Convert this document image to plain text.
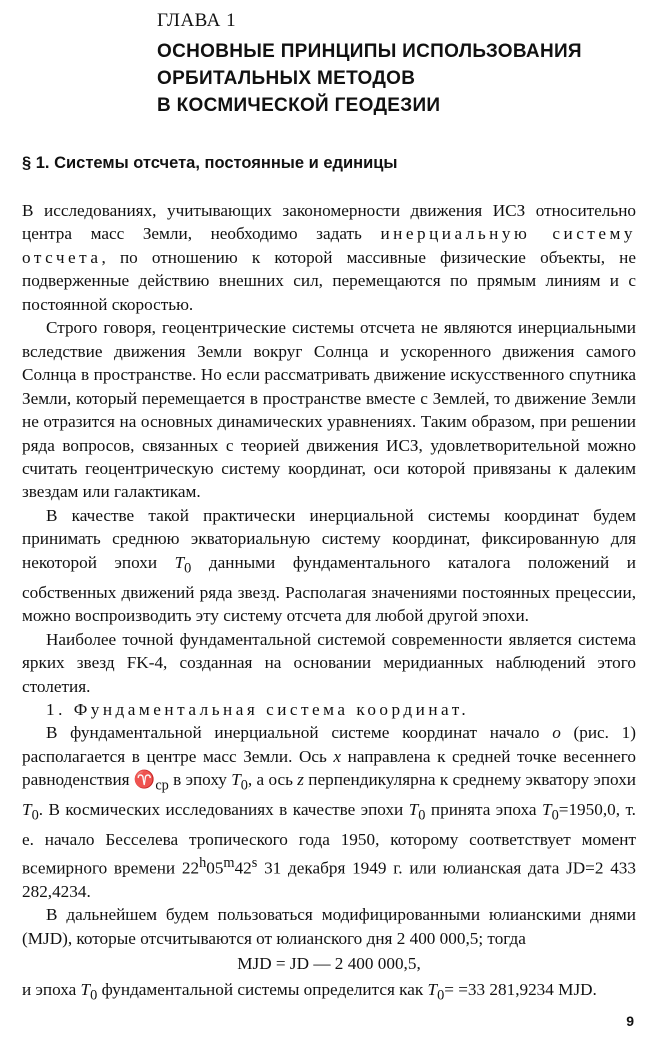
ГЛАВА 1
ОСНОВНЫЕ ПРИНЦИПЫ ИСПОЛЬЗОВАНИЯ
ОРБИТАЛЬНЫХ МЕТОДОВ
В КОСМИЧЕСКОЙ ГЕОДЕЗИИ
§ 1. Системы отсчета, постоянные и единицы

В исследованиях, учитывающих закономерности движения ИСЗ относительно центра масс Земли, необходимо задать инерциальную систему отсчета, по отношению к которой массивные физические объекты, не подверженные действию внешних сил, перемещаются по прямым линиям и с постоянной скоростью.

Строго говоря, геоцентрические системы отсчета не являются инерциальными вследствие движения Земли вокруг Солнца и ускоренного движения самого Солнца в пространстве. Но если рассматривать движение искусственного спутника Земли, который перемещается в пространстве вместе с Землей, то движение Земли не отразится на основных динамических уравнениях. Таким образом, при решении ряда вопросов, связанных с теорией движения ИСЗ, удовлетворительной можно считать геоцентрическую систему координат, оси которой привязаны к далеким звездам или галактикам.

В качестве такой практически инерциальной системы координат будем принимать среднюю экваториальную систему координат, фиксированную для некоторой эпохи $T_0$ данными фундаментального каталога положений и собственных движений ряда звезд. Располагая значениями постоянных прецессии, можно воспроизводить эту систему отсчета для любой другой эпохи.

Наиболее точной фундаментальной системой современности является система ярких звезд FK-4, созданная на основании меридианных наблюдений этого столетия.

1. Фундаментальная система координат.

В фундаментальной инерциальной системе координат начало o (рис. 1) располагается в центре масс Земли. Ось x направлена к средней точке весеннего равноденствия $♈_{ср}$ в эпоху $T_0$, а ось z перпендикулярна к среднему экватору эпохи $T_0$. В космических исследованиях в качестве эпохи $T_0$ принята эпоха $T_0=1950,0$, т. е. начало Бесселева тропического года 1950, которому соответствует момент всемирного времени 22$^h$05$^m$42$^s$ 31 декабря 1949 г. или юлианская дата JD=2 433 282,4234.

В дальнейшем будем пользоваться модифицированными юлианскими днями (MJD), которые отсчитываются от юлианского дня 2 400 000,5; тогда

MJD = JD — 2 400 000,5,

и эпоха $T_0$ фундаментальной системы определится как $T_0= =33$ 281,9234 MJD.

9
